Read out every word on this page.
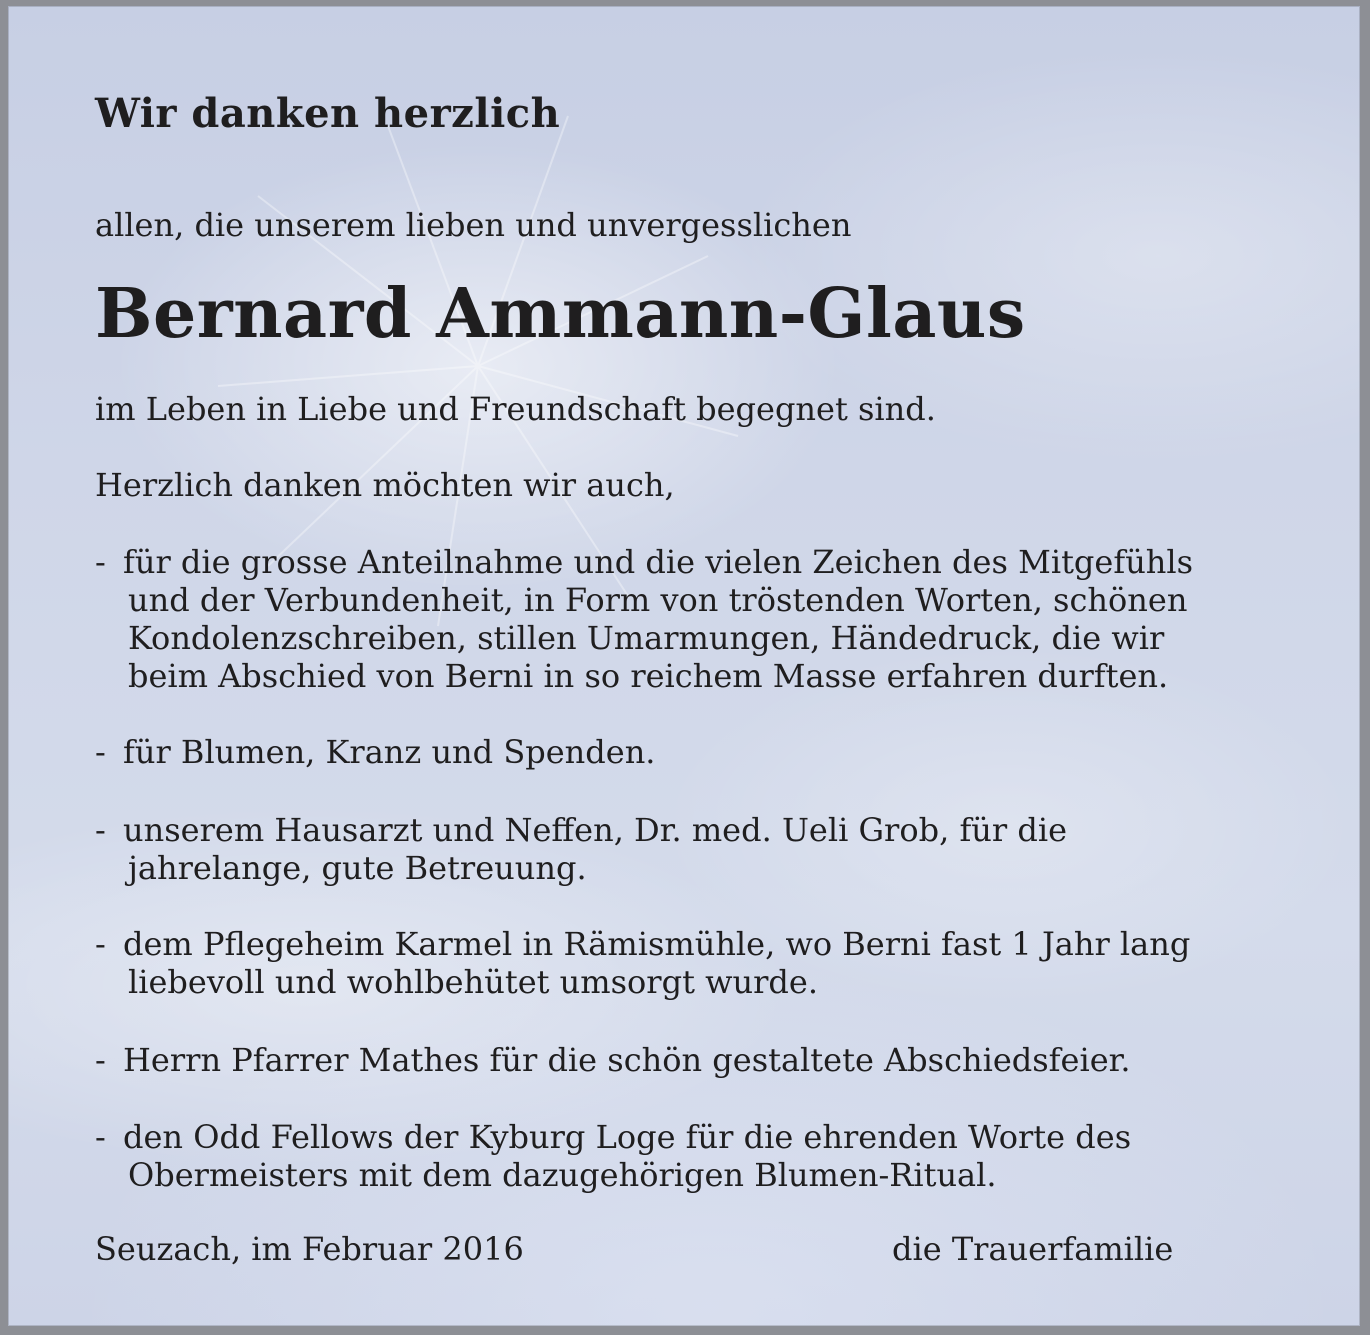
Wir danken herzlich
allen, die unserem lieben und unvergesslichen
Bernard Ammann-Glaus
im Leben in Liebe und Freundschaft begegnet sind.
Herzlich danken möchten wir auch,
- für die grosse Anteilnahme und die vielen Zeichen des Mitgefühls
und der Verbundenheit, in Form von tröstenden Worten, schönen
Kondolenzschreiben, stillen Umarmungen, Händedruck, die wir
beim Abschied von Berni in so reichem Masse erfahren durften.
- für Blumen, Kranz und Spenden.
- unserem Hausarzt und Neffen, Dr. med. Ueli Grob, für die
jahrelange, gute Betreuung.
- dem Pflegeheim Karmel in Rämismühle, wo Berni fast 1 Jahr lang
liebevoll und wohlbehütet umsorgt wurde.
- Herrn Pfarrer Mathes für die schön gestaltete Abschiedsfeier.
- den Odd Fellows der Kyburg Loge für die ehrenden Worte des
Obermeisters mit dem dazugehörigen Blumen-Ritual.
Seuzach, im Februar 2016	die Trauerfamilie
